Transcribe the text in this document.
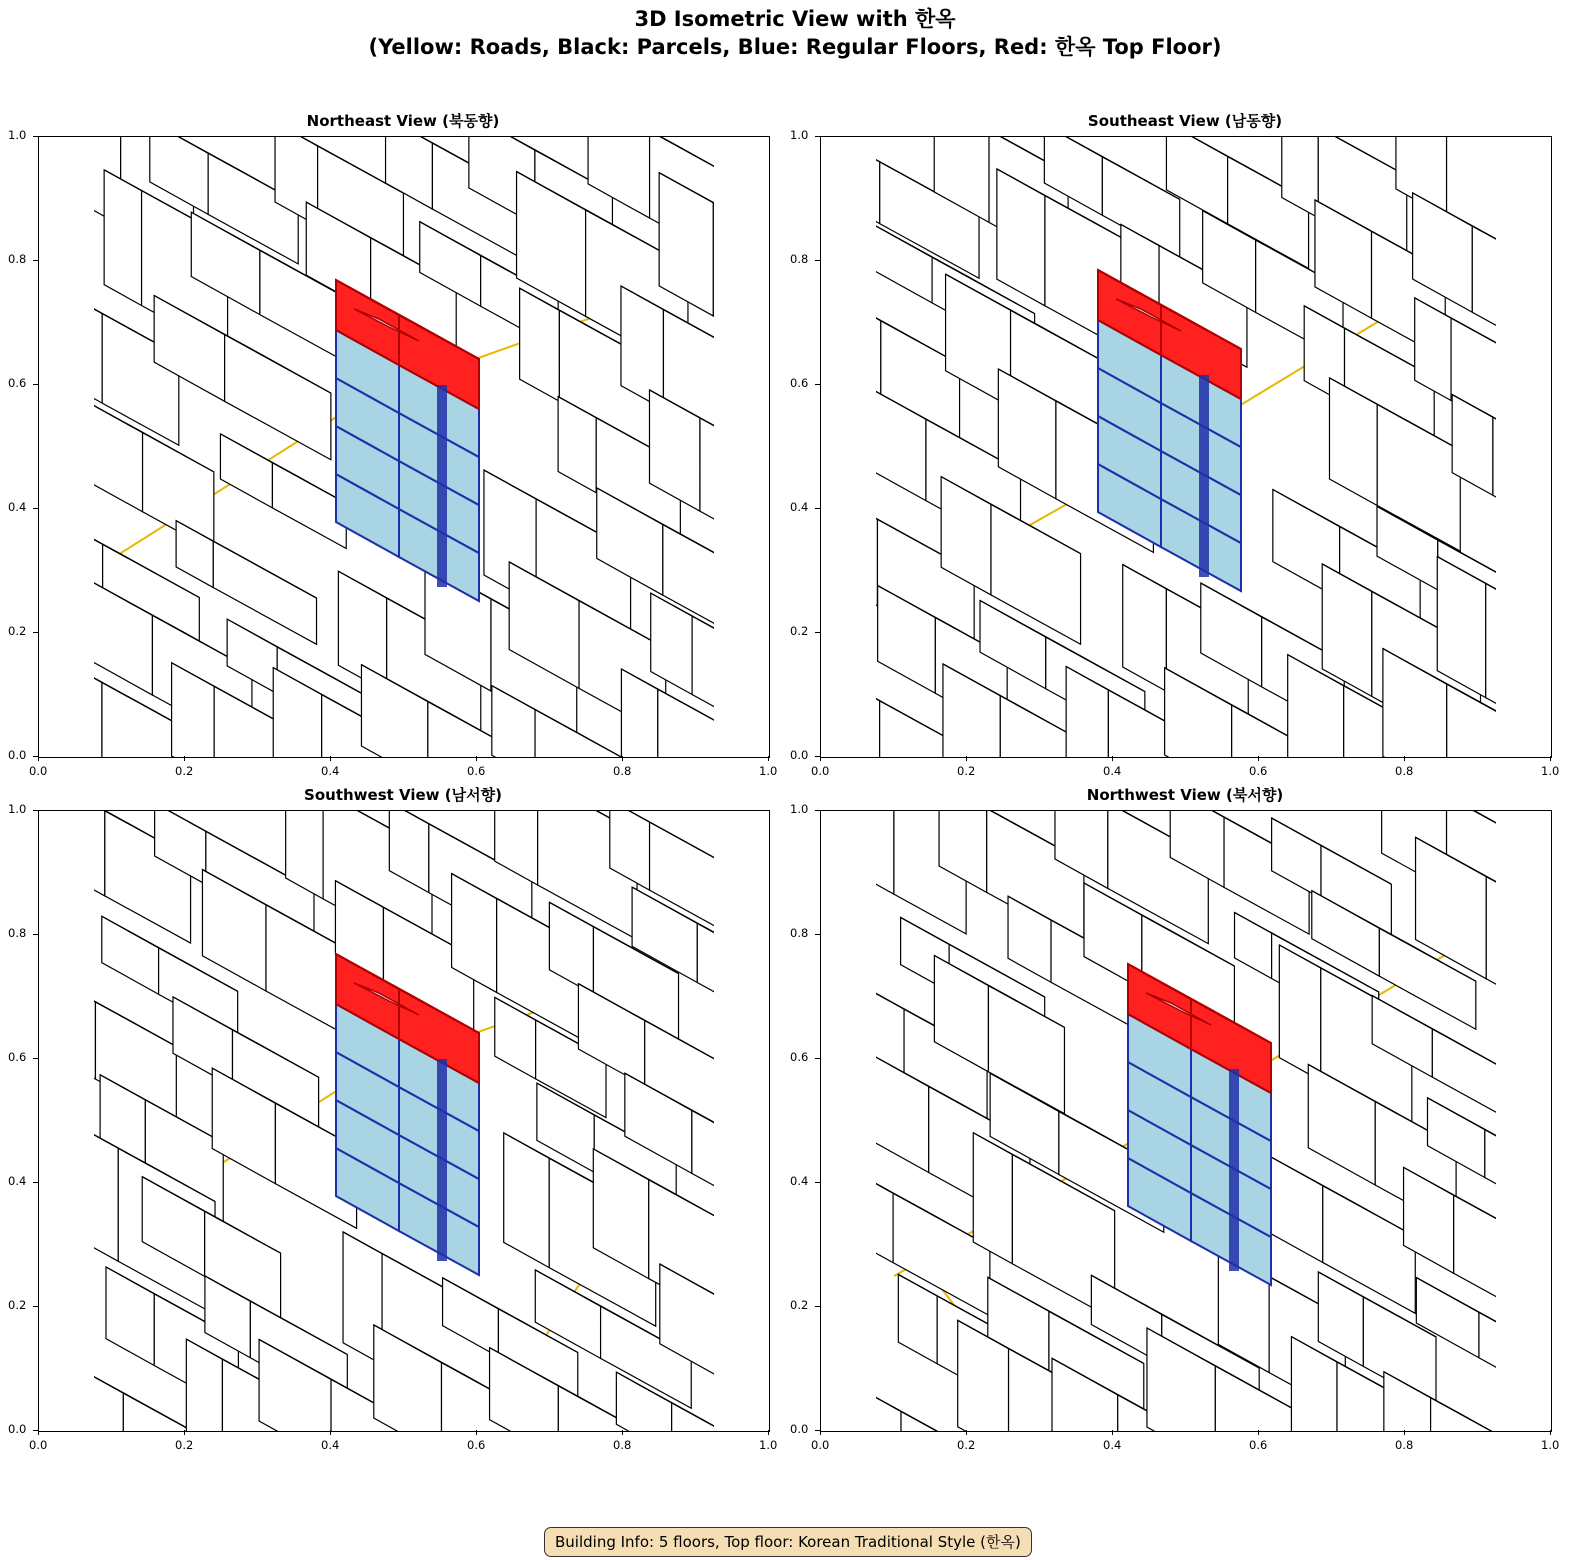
3D Isometric View with 한옥
(Yellow: Roads, Black: Parcels, Blue: Regular Floors, Red: 한옥 Top Floor)
Northeast View (북동향)
0.0
0.0
0.2
0.2
0.4
0.4
0.6
0.6
0.8
0.8
1.0
1.0
Southeast View (남동향)
0.0
0.0
0.2
0.2
0.4
0.4
0.6
0.6
0.8
0.8
1.0
1.0
Southwest View (남서향)
0.0
0.0
0.2
0.2
0.4
0.4
0.6
0.6
0.8
0.8
1.0
1.0
Northwest View (북서향)
0.0
0.0
0.2
0.2
0.4
0.4
0.6
0.6
0.8
0.8
1.0
1.0
Building Info: 5 floors, Top floor: Korean Traditional Style (한옥)
